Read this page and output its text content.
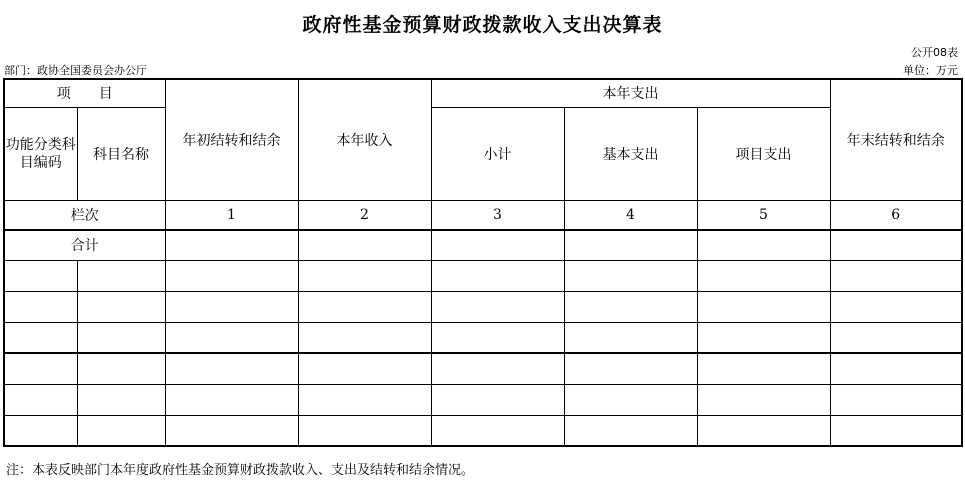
政府性基金预算财政拨款收入支出决算表
公开08表
部门：政协全国委员会办公厅	单位：万元
项　　目		年初结转和结余	本年收入	本年支出			年末结转和结余
功能分类科目编码	科目名称			小计	基本支出	项目支出	
栏次		1	2	3	4	5	6
合计							

注：本表反映部门本年度政府性基金预算财政拨款收入、支出及结转和结余情况。
